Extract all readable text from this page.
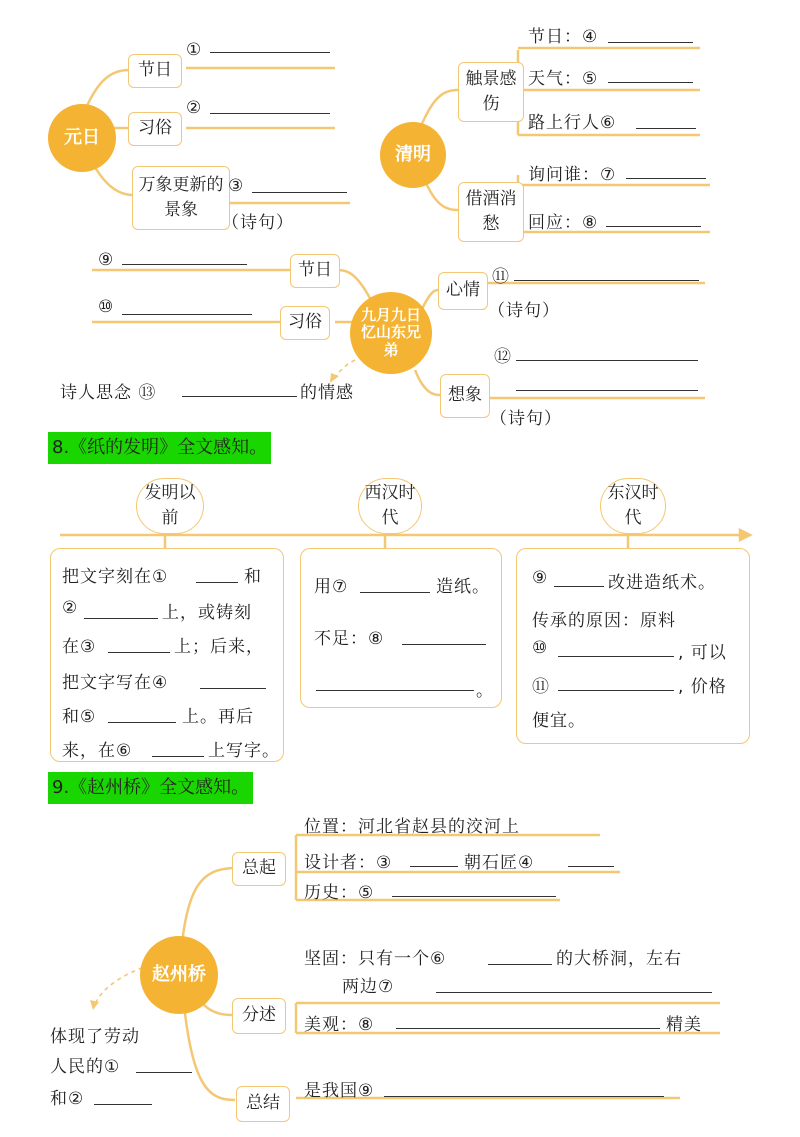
元日
节日
习俗
万象更新的景象
①
②
③
（诗句）
清明
触景感伤
借酒消愁
节日：④
天气：⑤
路上行人⑥
询问谁：⑦
回应：⑧
九月九日忆山东兄弟
节日
习俗
心情
想象
⑨
⑩
⑪
（诗句）
⑫
（诗句）
诗人思念 ⑬	的情感
8.《纸的发明》全文感知。
发明以前
西汉时代
东汉时代
把文字刻在①	和
②	上，或铸刻
在③	上；后来，
把文字写在④
和⑤	上。再后
来，在⑥	上写字。
用⑦	造纸。
不足：⑧
。
⑨	改进造纸术。
传承的原因：原料
⑩	, 可以
⑪	, 价格
便宜。
9.《赵州桥》全文感知。
赵州桥
总起
分述
总结
位置：河北省赵县的洨河上
设计者：③	朝石匠④
历史：⑤
坚固：只有一个⑥	的大桥洞，左右
两边⑦
美观：⑧	精美
是我国⑨
体现了劳动
人民的①
和②
